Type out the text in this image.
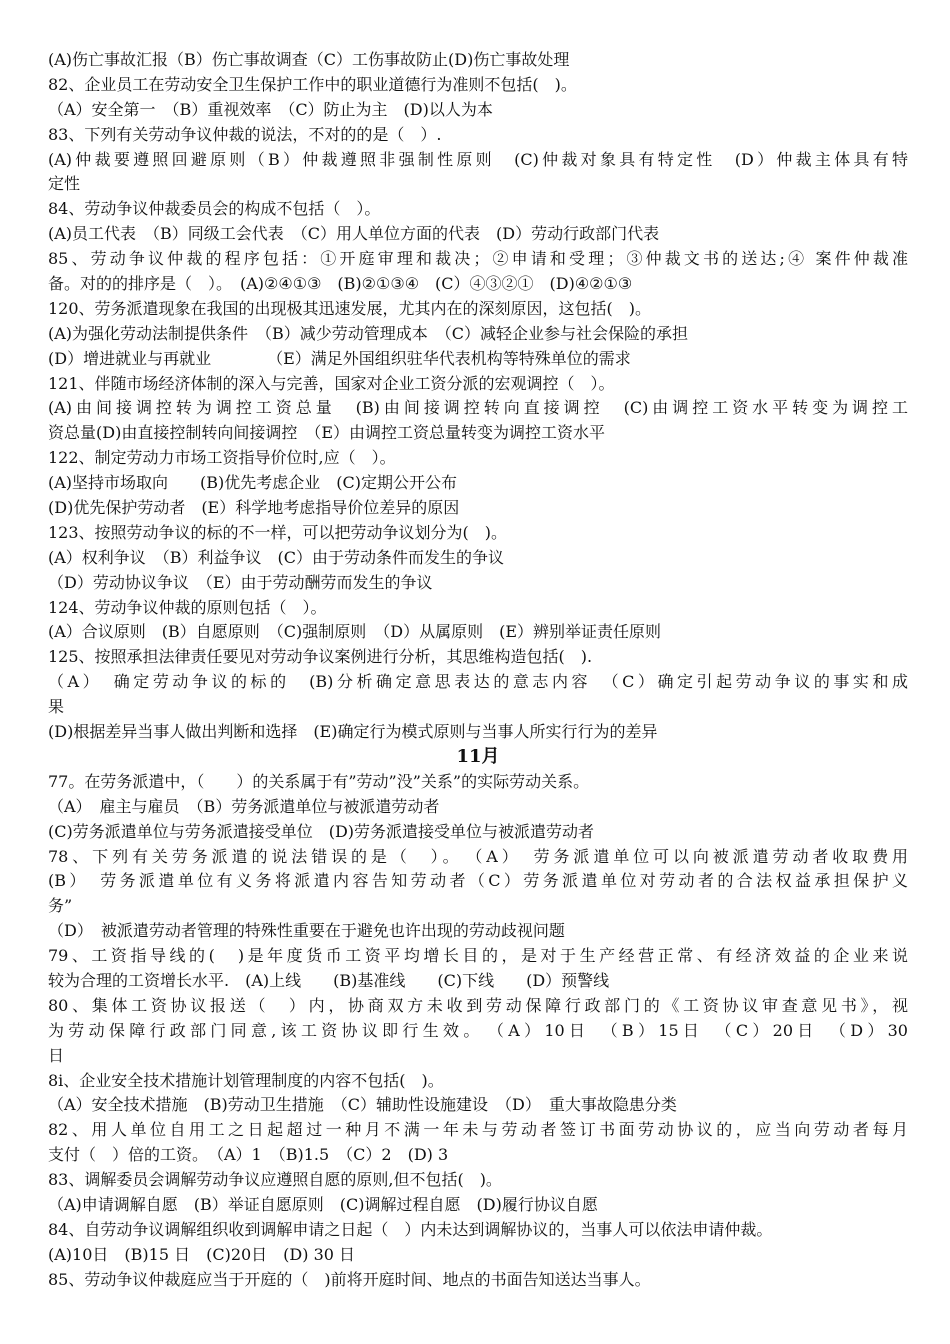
(A)伤亡事故汇报（B）伤亡事故调查（C）工伤事故防止(D)伤亡事故处理
82、企业员工在劳动安全卫生保护工作中的职业道德行为准则不包括(　)。
（A）安全第一　（B）重视效率　（C）防止为主　(D)以人为本
83、下列有关劳动争议仲裁的说法，不对的的是（　）.
(A)仲裁要遵照回避原则（B）仲裁遵照非强制性原则　(C)仲裁对象具有特定性　(D）仲裁主体具有特
定性
84、劳动争议仲裁委员会的构成不包括（　）。
(A)员工代表　（B）同级工会代表　（C）用人单位方面的代表　(D）劳动行政部门代表
85、劳动争议仲裁的程序包括：①开庭审理和裁决；②申请和受理；③仲裁文书的送达;④ 案件仲裁准
备。对的的排序是（　）。　(A)②④①③　(B)②①③④　(C）④③②①　(D)④②①③
120、劳务派遣现象在我国的出现极其迅速发展，尤其内在的深刻原因，这包括(　)。
(A)为强化劳动法制提供条件　（B）减少劳动管理成本　（C）减轻企业参与社会保险的承担
(D）增进就业与再就业　　　　（E）满足外国组织驻华代表机构等特殊单位的需求
121、伴随市场经济体制的深入与完善，国家对企业工资分派的宏观调控（　）。
(A)由间接调控转为调控工资总量　(B)由间接调控转向直接调控　(C)由调控工资水平转变为调控工
资总量(D)由直接控制转向间接调控　（E）由调控工资总量转变为调控工资水平
122、制定劳动力市场工资指导价位时,应（　）。
(A)坚持市场取向　　(B)优先考虑企业　(C)定期公开公布
(D)优先保护劳动者　(E）科学地考虑指导价位差异的原因
123、按照劳动争议的标的不一样，可以把劳动争议划分为(　)。
(A）权利争议　（B）利益争议　(C）由于劳动条件而发生的争议
（D）劳动协议争议　（E）由于劳动酬劳而发生的争议
124、劳动争议仲裁的原则包括（　）。
(A）合议原则　(B）自愿原则　（C)强制原则　（D）从属原则　(E）辨别举证责任原则
125、按照承担法律责任要见对劳动争议案例进行分析，其思维构造包括(　).
（A）　确定劳动争议的标的　(B)分析确定意思表达的意志内容　（C）确定引起劳动争议的事实和成
果
(D)根据差异当事人做出判断和选择　(E)确定行为模式原则与当事人所实行行为的差异
11月
77。在劳务派遣中，（　　）的关系属于有”劳动”没”关系”的实际劳动关系。
（A）　雇主与雇员　（B）劳务派遣单位与被派遣劳动者
(C)劳务派遣单位与劳务派遣接受单位　(D)劳务派遣接受单位与被派遣劳动者
78、下列有关劳务派遣的说法错误的是（　）。　（A）　劳务派遣单位可以向被派遣劳动者收取费用
(B）　劳务派遣单位有义务将派遣内容告知劳动者（C）劳务派遣单位对劳动者的合法权益承担保护义
务”
（D）　被派遣劳动者管理的特殊性重要在于避免也许出现的劳动歧视问题
79、工资指导线的(　)是年度货币工资平均增长目的，是对于生产经营正常、有经济效益的企业来说
较为合理的工资增长水平.　(A)上线　　(B)基准线　　(C)下线　　(D）预警线
80、集体工资协议报送（　）内，协商双方未收到劳动保障行政部门的《工资协议审查意见书》，视
为劳动保障行政部门同意,该工资协议即行生效。　（A）10日　（B）15日　（C）20日　（D）30
日
8i、企业安全技术措施计划管理制度的内容不包括(　)。
（A）安全技术措施　(B)劳动卫生措施　（C）辅助性设施建设　（D）　重大事故隐患分类
82、用人单位自用工之日起超过一种月不满一年未与劳动者签订书面劳动协议的，应当向劳动者每月
支付（　）倍的工资。　（A）1　（B)1.5　（C）2　(D) 3
83、调解委员会调解劳动争议应遵照自愿的原则,但不包括(　)。
（A)申请调解自愿　(B）举证自愿原则　(C)调解过程自愿　(D)履行协议自愿
84、自劳动争议调解组织收到调解申请之日起（　）内未达到调解协议的，当事人可以依法申请仲裁。
(A)10日　(B)15 日　(C)20日　(D) 30 日
85、劳动争议仲裁庭应当于开庭的（　)前将开庭时间、地点的书面告知送达当事人。
